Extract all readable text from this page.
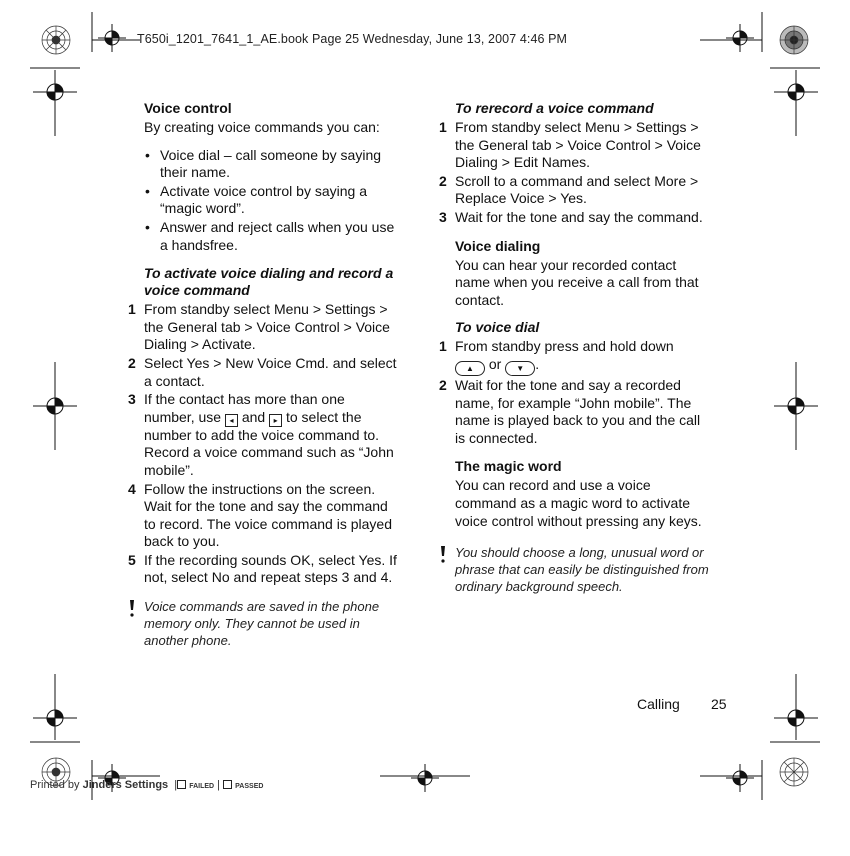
T650i_1201_7641_1_AE.book Page 25 Wednesday, June 13, 2007 4:46 PM
Voice control
By creating voice commands you can:
• Voice dial – call someone by saying their name.
• Activate voice control by saying a “magic word”.
• Answer and reject calls when you use a handsfree.
To activate voice dialing and record a voice command
1 From standby select Menu > Settings > the General tab > Voice Control > Voice Dialing > Activate.
2 Select Yes > New Voice Cmd. and select a contact.
3 If the contact has more than one number, use ◂ and ▸ to select the number to add the voice command to. Record a voice command such as “John mobile”.
4 Follow the instructions on the screen. Wait for the tone and say the command to record. The voice command is played back to you.
5 If the recording sounds OK, select Yes. If not, select No and repeat steps 3 and 4.
Voice commands are saved in the phone memory only. They cannot be used in another phone.
To rerecord a voice command
1 From standby select Menu > Settings > the General tab > Voice Control > Voice Dialing > Edit Names.
2 Scroll to a command and select More > Replace Voice > Yes.
3 Wait for the tone and say the command.
Voice dialing
You can hear your recorded contact name when you receive a call from that contact.
To voice dial
1 From standby press and hold down
▲ or ▼ .
2 Wait for the tone and say a recorded name, for example “John mobile”. The name is played back to you and the call is connected.
The magic word
You can record and use a voice command as a magic word to activate voice control without pressing any keys.
You should choose a long, unusual word or phrase that can easily be distinguished from ordinary background speech.
Calling 25
Printed by Jinders Settings  | FAILED |  PASSED
